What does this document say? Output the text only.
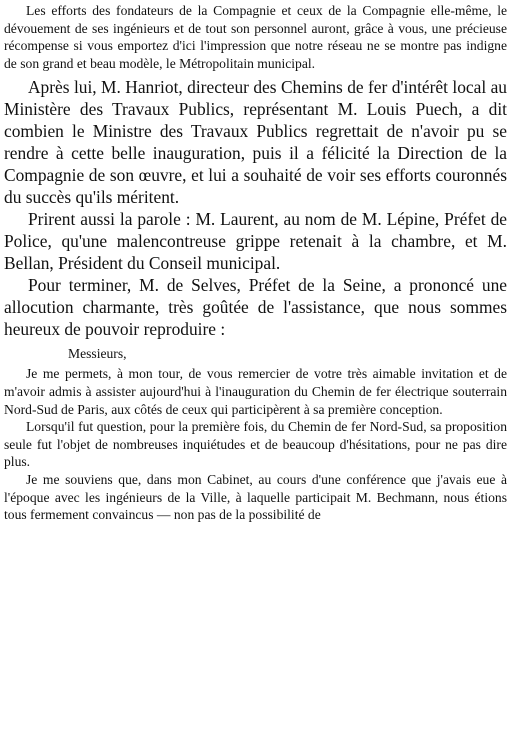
Les efforts des fondateurs de la Compagnie et ceux de la Compagnie elle-même, le dévouement de ses ingénieurs et de tout son personnel auront, grâce à vous, une précieuse récompense si vous emportez d'ici l'impression que notre réseau ne se montre pas indigne de son grand et beau modèle, le Métropolitain municipal.

Après lui, M. Hanriot, directeur des Chemins de fer d'intérêt local au Ministère des Travaux Publics, représentant M. Louis Puech, a dit combien le Ministre des Travaux Publics regrettait de n'avoir pu se rendre à cette belle inauguration, puis il a félicité la Direction de la Compagnie de son œuvre, et lui a souhaité de voir ses efforts couronnés du succès qu'ils méritent.

Prirent aussi la parole : M. Laurent, au nom de M. Lépine, Préfet de Police, qu'une malencontreuse grippe retenait à la chambre, et M. Bellan, Président du Conseil municipal.

Pour terminer, M. de Selves, Préfet de la Seine, a prononcé une allocution charmante, très goûtée de l'assistance, que nous sommes heureux de pouvoir reproduire :

Messieurs,

Je me permets, à mon tour, de vous remercier de votre très aimable invitation et de m'avoir admis à assister aujourd'hui à l'inauguration du Chemin de fer électrique souterrain Nord-Sud de Paris, aux côtés de ceux qui participèrent à sa première conception.

Lorsqu'il fut question, pour la première fois, du Chemin de fer Nord-Sud, sa proposition seule fut l'objet de nombreuses inquiétudes et de beaucoup d'hésitations, pour ne pas dire plus.

Je me souviens que, dans mon Cabinet, au cours d'une conférence que j'avais eue à l'époque avec les ingénieurs de la Ville, à laquelle participait M. Bechmann, nous étions tous fermement convaincus — non pas de la possibilité de
